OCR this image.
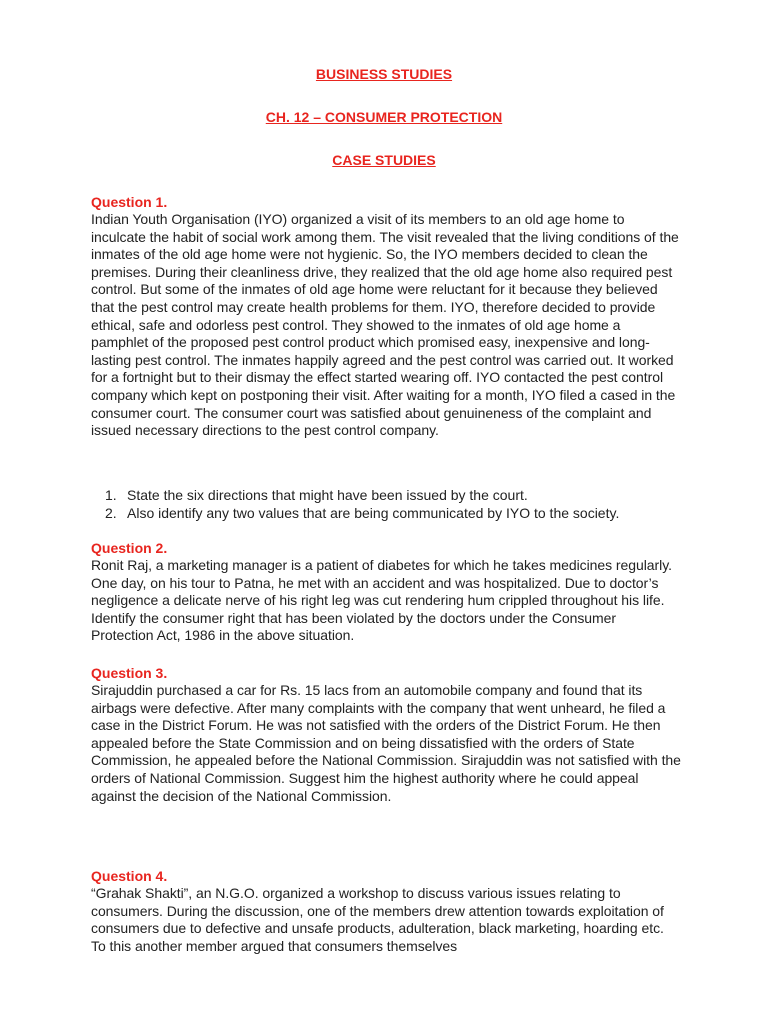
BUSINESS STUDIES
CH. 12 – CONSUMER PROTECTION
CASE STUDIES
Question 1.

Indian Youth Organisation (IYO) organized a visit of its members to an old age home to inculcate the habit of social work among them. The visit revealed that the living conditions of the inmates of the old age home were not hygienic. So, the IYO members decided to clean the premises. During their cleanliness drive, they realized that the old age home also required pest control. But some of the inmates of old age home were reluctant for it because they believed that the pest control may create health problems for them. IYO, therefore decided to provide ethical, safe and odorless pest control. They showed to the inmates of old age home a pamphlet of the proposed pest control product which promised easy, inexpensive and long-lasting pest control. The inmates happily agreed and the pest control was carried out. It worked for a fortnight but to their dismay the effect started wearing off. IYO contacted the pest control company which kept on postponing their visit. After waiting for a month, IYO filed a cased in the consumer court. The consumer court was satisfied about genuineness of the complaint and issued necessary directions to the pest control company.

1. State the six directions that might have been issued by the court.
2. Also identify any two values that are being communicated by IYO to the society.
Question 2.

Ronit Raj, a marketing manager is a patient of diabetes for which he takes medicines regularly. One day, on his tour to Patna, he met with an accident and was hospitalized. Due to doctor’s negligence a delicate nerve of his right leg was cut rendering hum crippled throughout his life. Identify the consumer right that has been violated by the doctors under the Consumer Protection Act, 1986 in the above situation.

Question 3.

Sirajuddin purchased a car for Rs. 15 lacs from an automobile company and found that its airbags were defective. After many complaints with the company that went unheard, he filed a case in the District Forum. He was not satisfied with the orders of the District Forum. He then appealed before the State Commission and on being dissatisfied with the orders of State Commission, he appealed before the National Commission. Sirajuddin was not satisfied with the orders of National Commission. Suggest him the highest authority where he could appeal against the decision of the National Commission.

Question 4.

“Grahak Shakti”, an N.G.O. organized a workshop to discuss various issues relating to consumers. During the discussion, one of the members drew attention towards exploitation of consumers due to defective and unsafe products, adulteration, black marketing, hoarding etc. To this another member argued that consumers themselves
